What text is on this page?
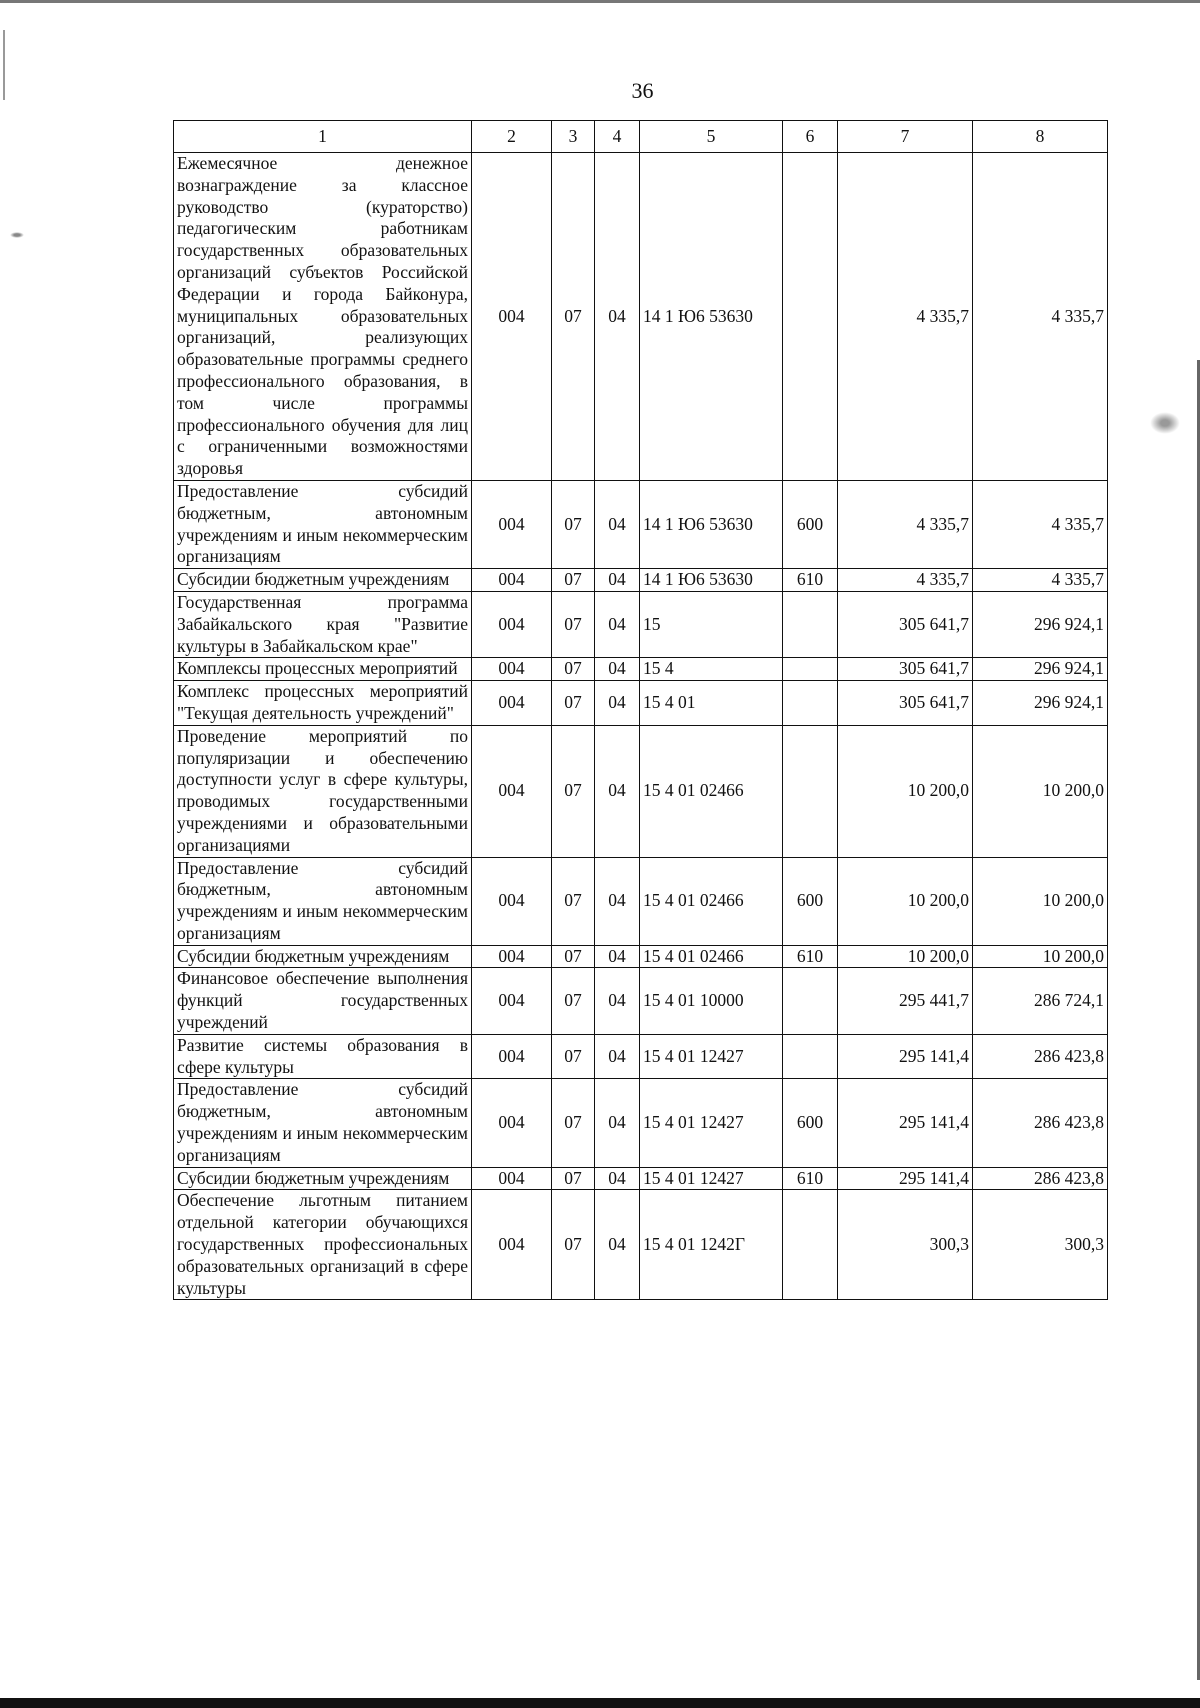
36
1	2	3	4	5	6	7	8
Ежемесячное денежное вознаграждение за классное руководство (кураторство) педагогическим работникам государственных образовательных организаций субъектов Российской Федерации и города Байконура, муниципальных образовательных организаций, реализующих образовательные программы среднего профессионального образования, в том числе программы профессионального обучения для лиц с ограниченными возможностями здоровья	004	07	04	14 1 Ю6 53630		4 335,7	4 335,7
Предоставление субсидий бюджетным, автономным учреждениям и иным некоммерческим организациям	004	07	04	14 1 Ю6 53630	600	4 335,7	4 335,7
Субсидии бюджетным учреждениям	004	07	04	14 1 Ю6 53630	610	4 335,7	4 335,7
Государственная программа Забайкальского края "Развитие культуры в Забайкальском крае"	004	07	04	15		305 641,7	296 924,1
Комплексы процессных мероприятий	004	07	04	15 4		305 641,7	296 924,1
Комплекс процессных мероприятий "Текущая деятельность учреждений"	004	07	04	15 4 01		305 641,7	296 924,1
Проведение мероприятий по популяризации и обеспечению доступности услуг в сфере культуры, проводимых государственными учреждениями и образовательными организациями	004	07	04	15 4 01 02466		10 200,0	10 200,0
Предоставление субсидий бюджетным, автономным учреждениям и иным некоммерческим организациям	004	07	04	15 4 01 02466	600	10 200,0	10 200,0
Субсидии бюджетным учреждениям	004	07	04	15 4 01 02466	610	10 200,0	10 200,0
Финансовое обеспечение выполнения функций государственных учреждений	004	07	04	15 4 01 10000		295 441,7	286 724,1
Развитие системы образования в сфере культуры	004	07	04	15 4 01 12427		295 141,4	286 423,8
Предоставление субсидий бюджетным, автономным учреждениям и иным некоммерческим организациям	004	07	04	15 4 01 12427	600	295 141,4	286 423,8
Субсидии бюджетным учреждениям	004	07	04	15 4 01 12427	610	295 141,4	286 423,8
Обеспечение льготным питанием отдельной категории обучающихся государственных профессиональных образовательных организаций в сфере культуры	004	07	04	15 4 01 1242Г		300,3	300,3
